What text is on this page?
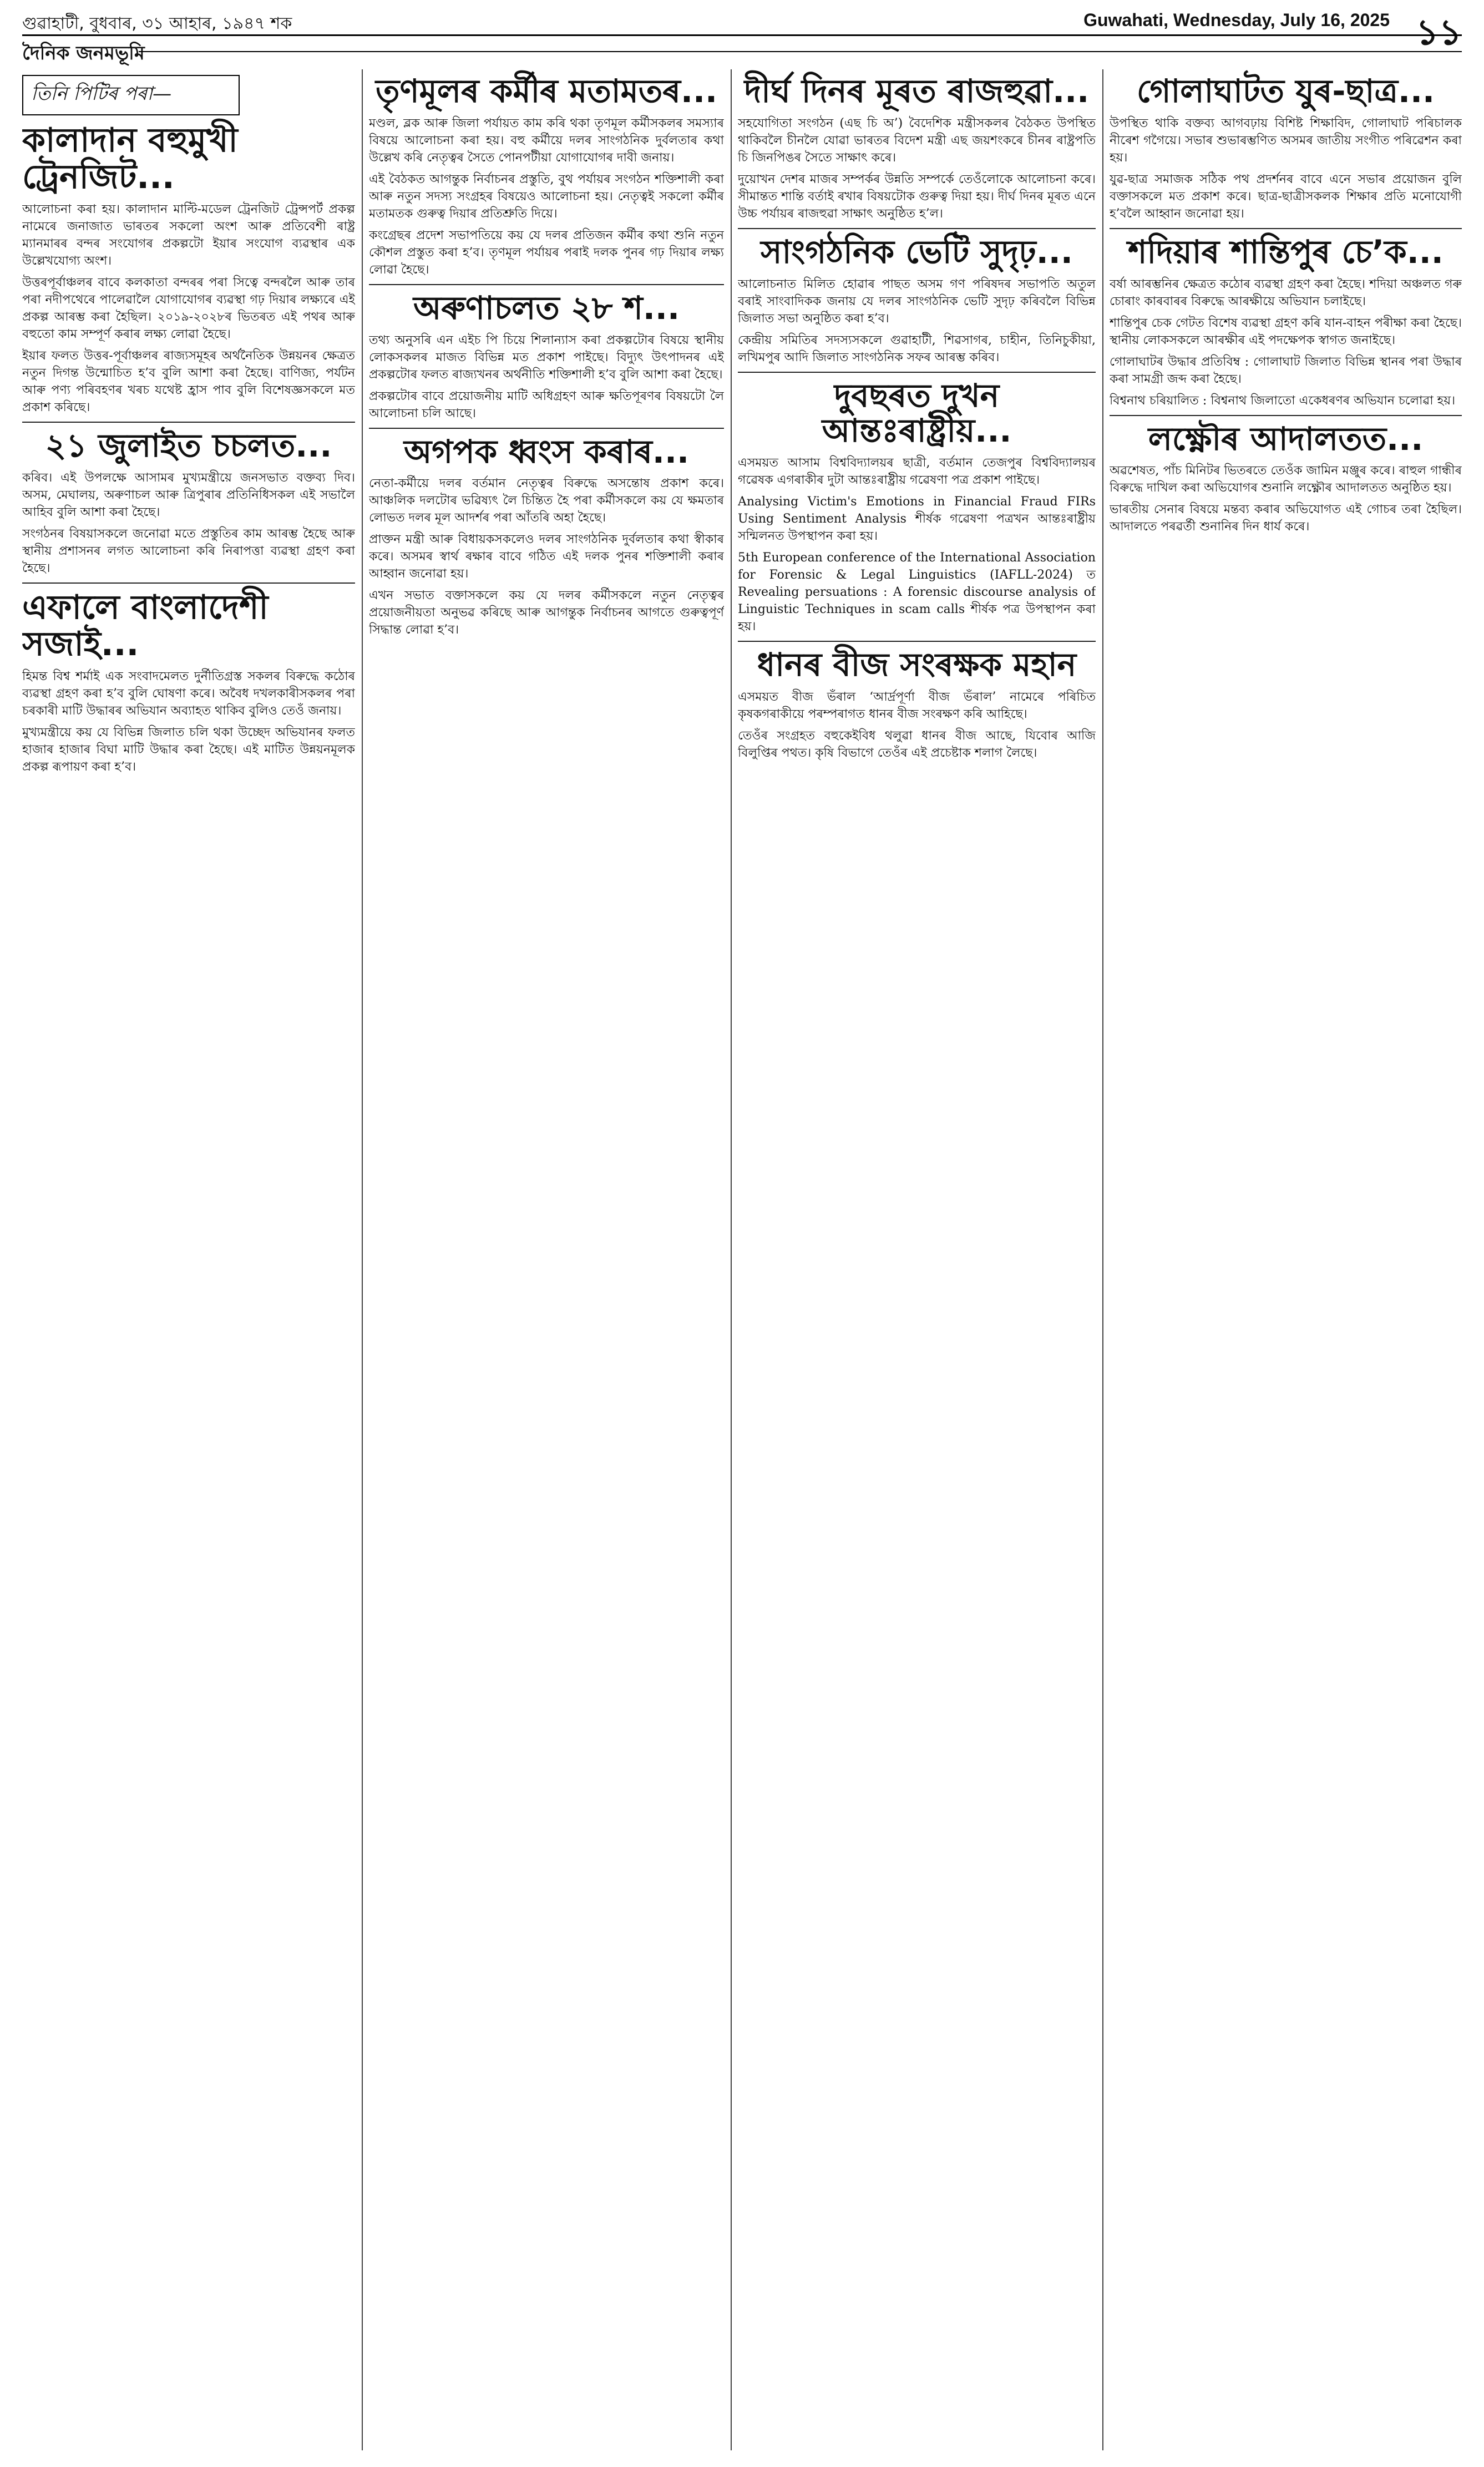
গুৱাহাটী, বুধবাৰ, ৩১ আহাৰ, ১৯৪৭ শক	Guwahati, Wednesday, July 16, 2025 ১১
দৈনিক জনমভূমি
তিনি পিটিৰ পৰা—
কালাদান বহুমুখী ট্ৰেনজিট...

আলোচনা কৰা হয়। কালাদান মাল্টি-মডেল ট্ৰেনজিট ট্ৰেন্সপৰ্ট প্ৰকল্প নামেৰে জনাজাত ভাৰতৰ সকলো অংশ আৰু প্ৰতিবেশী ৰাষ্ট্ৰ ম্যানমাৰৰ বন্দৰ সংযোগৰ প্ৰকল্পটো ইয়াৰ সংযোগ ব্যৱস্থাৰ এক উল্লেখযোগ্য অংশ।

উত্তৰপূৰ্বাঞ্চলৰ বাবে কলকাতা বন্দৰৰ পৰা সিত্বে বন্দৰলৈ আৰু তাৰ পৰা নদীপথেৰে পালেৱালৈ যোগাযোগৰ ব্যৱস্থা গঢ় দিয়াৰ লক্ষ্যৰে এই প্ৰকল্প আৰম্ভ কৰা হৈছিল। ২০১৯-২০২৮ৰ ভিতৰত এই পথৰ আৰু বহুতো কাম সম্পূৰ্ণ কৰাৰ লক্ষ্য লোৱা হৈছে।

ইয়াৰ ফলত উত্তৰ-পূৰ্বাঞ্চলৰ ৰাজ্যসমূহৰ অৰ্থনৈতিক উন্নয়নৰ ক্ষেত্ৰত নতুন দিগন্ত উন্মোচিত হ’ব বুলি আশা কৰা হৈছে। বাণিজ্য, পৰ্যটন আৰু পণ্য পৰিবহণৰ খৰচ যথেষ্ট হ্ৰাস পাব বুলি বিশেষজ্ঞসকলে মত প্ৰকাশ কৰিছে।

২১ জুলাইত চচলত...

কৰিব। এই উপলক্ষে আসামৰ মুখ্যমন্ত্ৰীয়ে জনসভাত বক্তব্য দিব। অসম, মেঘালয়, অৰুণাচল আৰু ত্ৰিপুৰাৰ প্ৰতিনিধিসকল এই সভালৈ আহিব বুলি আশা কৰা হৈছে।

সংগঠনৰ বিষয়াসকলে জনোৱা মতে প্ৰস্তুতিৰ কাম আৰম্ভ হৈছে আৰু স্থানীয় প্ৰশাসনৰ লগত আলোচনা কৰি নিৰাপত্তা ব্যৱস্থা গ্ৰহণ কৰা হৈছে।

এফালে বাংলাদেশী সজাই...

হিমন্ত বিশ্ব শৰ্মাই এক সংবাদমেলত দুৰ্নীতিগ্ৰস্ত সকলৰ বিৰুদ্ধে কঠোৰ ব্যৱস্থা গ্ৰহণ কৰা হ’ব বুলি ঘোষণা কৰে। অবৈধ দখলকাৰীসকলৰ পৰা চৰকাৰী মাটি উদ্ধাৰৰ অভিযান অব্যাহত থাকিব বুলিও তেওঁ জনায়।

মুখ্যমন্ত্ৰীয়ে কয় যে বিভিন্ন জিলাত চলি থকা উচ্ছেদ অভিযানৰ ফলত হাজাৰ হাজাৰ বিঘা মাটি উদ্ধাৰ কৰা হৈছে। এই মাটিত উন্নয়নমূলক প্ৰকল্প ৰূপায়ণ কৰা হ’ব।

তৃণমূলৰ কৰ্মীৰ মতামতৰ...

মণ্ডল, ব্লক আৰু জিলা পৰ্যায়ত কাম কৰি থকা তৃণমূল কৰ্মীসকলৰ সমস্যাৰ বিষয়ে আলোচনা কৰা হয়। বহু কৰ্মীয়ে দলৰ সাংগঠনিক দুৰ্বলতাৰ কথা উল্লেখ কৰি নেতৃত্বৰ সৈতে পোনপটীয়া যোগাযোগৰ দাবী জনায়।

এই বৈঠকত আগন্তুক নিৰ্বাচনৰ প্ৰস্তুতি, বুথ পৰ্যায়ৰ সংগঠন শক্তিশালী কৰা আৰু নতুন সদস্য সংগ্ৰহৰ বিষয়েও আলোচনা হয়। নেতৃত্বই সকলো কৰ্মীৰ মতামতক গুৰুত্ব দিয়াৰ প্ৰতিশ্ৰুতি দিয়ে।

কংগ্ৰেছৰ প্ৰদেশ সভাপতিয়ে কয় যে দলৰ প্ৰতিজন কৰ্মীৰ কথা শুনি নতুন কৌশল প্ৰস্তুত কৰা হ’ব। তৃণমূল পৰ্যায়ৰ পৰাই দলক পুনৰ গঢ় দিয়াৰ লক্ষ্য লোৱা হৈছে।

অৰুণাচলত ২৮ শ...

তথ্য অনুসৰি এন এইচ পি চিয়ে শিলান্যাস কৰা প্ৰকল্পটোৰ বিষয়ে স্থানীয় লোকসকলৰ মাজত বিভিন্ন মত প্ৰকাশ পাইছে। বিদ্যুৎ উৎপাদনৰ এই প্ৰকল্পটোৰ ফলত ৰাজ্যখনৰ অৰ্থনীতি শক্তিশালী হ’ব বুলি আশা কৰা হৈছে।

প্ৰকল্পটোৰ বাবে প্ৰয়োজনীয় মাটি অধিগ্ৰহণ আৰু ক্ষতিপূৰণৰ বিষয়টো লৈ আলোচনা চলি আছে।

অগপক ধ্বংস কৰাৰ...

নেতা-কৰ্মীয়ে দলৰ বৰ্তমান নেতৃত্বৰ বিৰুদ্ধে অসন্তোষ প্ৰকাশ কৰে। আঞ্চলিক দলটোৰ ভৱিষ্যৎ লৈ চিন্তিত হৈ পৰা কৰ্মীসকলে কয় যে ক্ষমতাৰ লোভত দলৰ মূল আদৰ্শৰ পৰা আঁতৰি অহা হৈছে।

প্ৰাক্তন মন্ত্ৰী আৰু বিধায়কসকলেও দলৰ সাংগঠনিক দুৰ্বলতাৰ কথা স্বীকাৰ কৰে। অসমৰ স্বাৰ্থ ৰক্ষাৰ বাবে গঠিত এই দলক পুনৰ শক্তিশালী কৰাৰ আহ্বান জনোৱা হয়।

এখন সভাত বক্তাসকলে কয় যে দলৰ কৰ্মীসকলে নতুন নেতৃত্বৰ প্ৰয়োজনীয়তা অনুভৱ কৰিছে আৰু আগন্তুক নিৰ্বাচনৰ আগতে গুৰুত্বপূৰ্ণ সিদ্ধান্ত লোৱা হ’ব।

দীৰ্ঘ দিনৰ মূৰত ৰাজহুৱা...

সহযোগিতা সংগঠন (এছ চি অ’) বৈদেশিক মন্ত্ৰীসকলৰ বৈঠকত উপস্থিত থাকিবলৈ চীনলৈ যোৱা ভাৰতৰ বিদেশ মন্ত্ৰী এছ জয়শংকৰে চীনৰ ৰাষ্ট্ৰপতি চি জিনপিঙৰ সৈতে সাক্ষাৎ কৰে।

দুয়োখন দেশৰ মাজৰ সম্পৰ্কৰ উন্নতি সম্পৰ্কে তেওঁলোকে আলোচনা কৰে। সীমান্তত শান্তি বৰ্তাই ৰখাৰ বিষয়টোক গুৰুত্ব দিয়া হয়। দীৰ্ঘ দিনৰ মূৰত এনে উচ্চ পৰ্যায়ৰ ৰাজহুৱা সাক্ষাৎ অনুষ্ঠিত হ’ল।

সাংগঠনিক ভেটি সুদৃঢ়...

আলোচনাত মিলিত হোৱাৰ পাছত অসম গণ পৰিষদৰ সভাপতি অতুল বৰাই সাংবাদিকক জনায় যে দলৰ সাংগঠনিক ভেটি সুদৃঢ় কৰিবলৈ বিভিন্ন জিলাত সভা অনুষ্ঠিত কৰা হ’ব।

কেন্দ্ৰীয় সমিতিৰ সদস্যসকলে গুৱাহাটী, শিৱসাগৰ, চাহীন, তিনিচুকীয়া, লখিমপুৰ আদি জিলাত সাংগঠনিক সফৰ আৰম্ভ কৰিব।

দুবছৰত দুখন আন্তঃৰাষ্ট্ৰীয়...

এসময়ত আসাম বিশ্ববিদ্যালয়ৰ ছাত্ৰী, বৰ্তমান তেজপুৰ বিশ্ববিদ্যালয়ৰ গৱেষক এগৰাকীৰ দুটা আন্তঃৰাষ্ট্ৰীয় গৱেষণা পত্ৰ প্ৰকাশ পাইছে।

Analysing Victim's Emotions in Financial Fraud FIRs Using Sentiment Analysis শীৰ্ষক গৱেষণা পত্ৰখন আন্তঃৰাষ্ট্ৰীয় সন্মিলনত উপস্থাপন কৰা হয়।

5th European conference of the International Association for Forensic & Legal Linguistics (IAFLL-2024) ত Revealing persuations : A forensic discourse analysis of Linguistic Techniques in scam calls শীৰ্ষক পত্ৰ উপস্থাপন কৰা হয়।

ধানৰ বীজ সংৰক্ষক মহান

এসময়ত বীজ ভঁৰাল ‘আৰ্দ্ৰপূৰ্ণা বীজ ভঁৰাল’ নামেৰে পৰিচিত কৃষকগৰাকীয়ে পৰম্পৰাগত ধানৰ বীজ সংৰক্ষণ কৰি আহিছে।

তেওঁৰ সংগ্ৰহত বহুকেইবিধ থলুৱা ধানৰ বীজ আছে, যিবোৰ আজি বিলুপ্তিৰ পথত। কৃষি বিভাগে তেওঁৰ এই প্ৰচেষ্টাক শলাগ লৈছে।

গোলাঘাটত যুৰ-ছাত্ৰ...

উপস্থিত থাকি বক্তব্য আগবঢ়ায় বিশিষ্ট শিক্ষাবিদ, গোলাঘাট পৰিচালক নীৰেশ গগৈয়ে। সভাৰ শুভাৰম্ভণিত অসমৰ জাতীয় সংগীত পৰিৱেশন কৰা হয়।

যুৱ-ছাত্ৰ সমাজক সঠিক পথ প্ৰদৰ্শনৰ বাবে এনে সভাৰ প্ৰয়োজন বুলি বক্তাসকলে মত প্ৰকাশ কৰে। ছাত্ৰ-ছাত্ৰীসকলক শিক্ষাৰ প্ৰতি মনোযোগী হ’বলৈ আহ্বান জনোৱা হয়।

শদিয়াৰ শান্তিপুৰ চে’ক...

বৰ্ষা আৰম্ভনিৰ ক্ষেত্ৰত কঠোৰ ব্যৱস্থা গ্ৰহণ কৰা হৈছে। শদিয়া অঞ্চলত গৰু চোৰাং কাৰবাৰৰ বিৰুদ্ধে আৰক্ষীয়ে অভিযান চলাইছে।

শান্তিপুৰ চেক গেটত বিশেষ ব্যৱস্থা গ্ৰহণ কৰি যান-বাহন পৰীক্ষা কৰা হৈছে। স্থানীয় লোকসকলে আৰক্ষীৰ এই পদক্ষেপক স্বাগত জনাইছে।

গোলাঘাটৰ উদ্ধাৰ প্ৰতিবিম্ব : গোলাঘাট জিলাত বিভিন্ন স্থানৰ পৰা উদ্ধাৰ কৰা সামগ্ৰী জব্দ কৰা হৈছে।

বিশ্বনাথ চৰিয়ালিত : বিশ্বনাথ জিলাতো একেধৰণৰ অভিযান চলোৱা হয়।

লক্ষ্ণৌৰ আদালতত...

অৱশেষত, পাঁচ মিনিটৰ ভিতৰতে তেওঁক জামিন মঞ্জুৰ কৰে। ৰাহুল গান্ধীৰ বিৰুদ্ধে দাখিল কৰা অভিযোগৰ শুনানি লক্ষ্ণৌৰ আদালতত অনুষ্ঠিত হয়।

ভাৰতীয় সেনাৰ বিষয়ে মন্তব্য কৰাৰ অভিযোগত এই গোচৰ তৰা হৈছিল। আদালতে পৰৱৰ্তী শুনানিৰ দিন ধাৰ্য কৰে।
